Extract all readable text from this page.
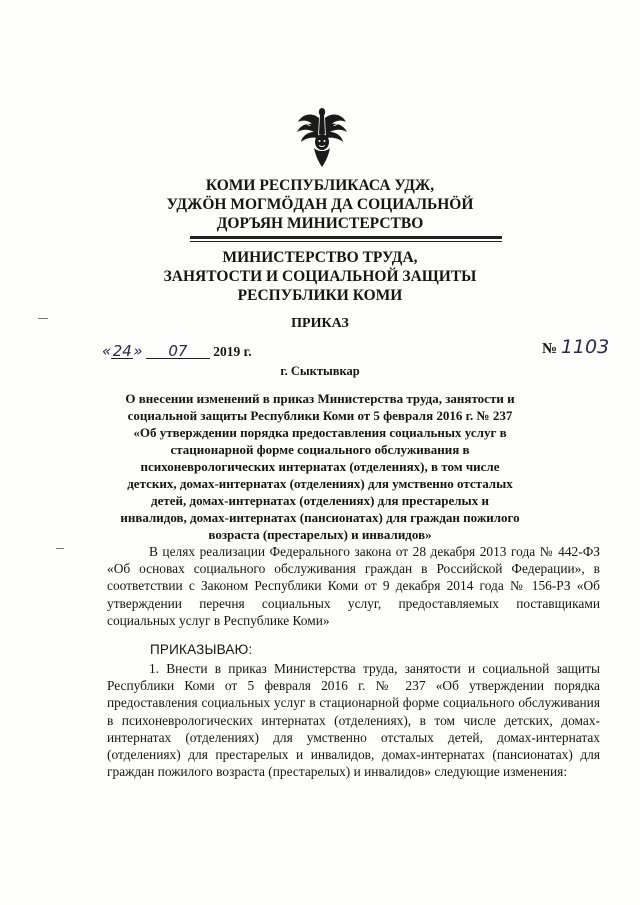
КОМИ РЕСПУБЛИКАСА УДЖ,
УДЖÖН МОГМÖДАН ДА СОЦИАЛЬНÖЙ
ДОРЪЯН МИНИСТЕРСТВО
МИНИСТЕРСТВО ТРУДА,
ЗАНЯТОСТИ И СОЦИАЛЬНОЙ ЗАЩИТЫ
РЕСПУБЛИКИ КОМИ
ПРИКАЗ
«24» 07 2019 г.	№ 1103
г. Сыктывкар
О внесении изменений в приказ Министерства труда, занятости и социальной защиты Республики Коми от 5 февраля 2016 г. № 237 «Об утверждении порядка предоставления социальных услуг в стационарной форме социального обслуживания в психоневрологических интернатах (отделениях), в том числе детских, домах-интернатах (отделениях) для умственно отсталых детей, домах-интернатах (отделениях) для престарелых и инвалидов, домах-интернатах (пансионатах) для граждан пожилого возраста (престарелых) и инвалидов»
В целях реализации Федерального закона от 28 декабря 2013 года № 442-ФЗ «Об основах социального обслуживания граждан в Российской Федерации», в соответствии с Законом Республики Коми от 9 декабря 2014 года № 156-РЗ «Об утверждении перечня социальных услуг, предоставляемых поставщиками социальных услуг в Республике Коми»
ПРИКАЗЫВАЮ:
1. Внести в приказ Министерства труда, занятости и социальной защиты Республики Коми от 5 февраля 2016 г. № 237 «Об утверждении порядка предоставления социальных услуг в стационарной форме социального обслуживания в психоневрологических интернатах (отделениях), в том числе детских, домах-интернатах (отделениях) для умственно отсталых детей, домах-интернатах (отделениях) для престарелых и инвалидов, домах-интернатах (пансионатах) для граждан пожилого возраста (престарелых) и инвалидов» следующие изменения:
